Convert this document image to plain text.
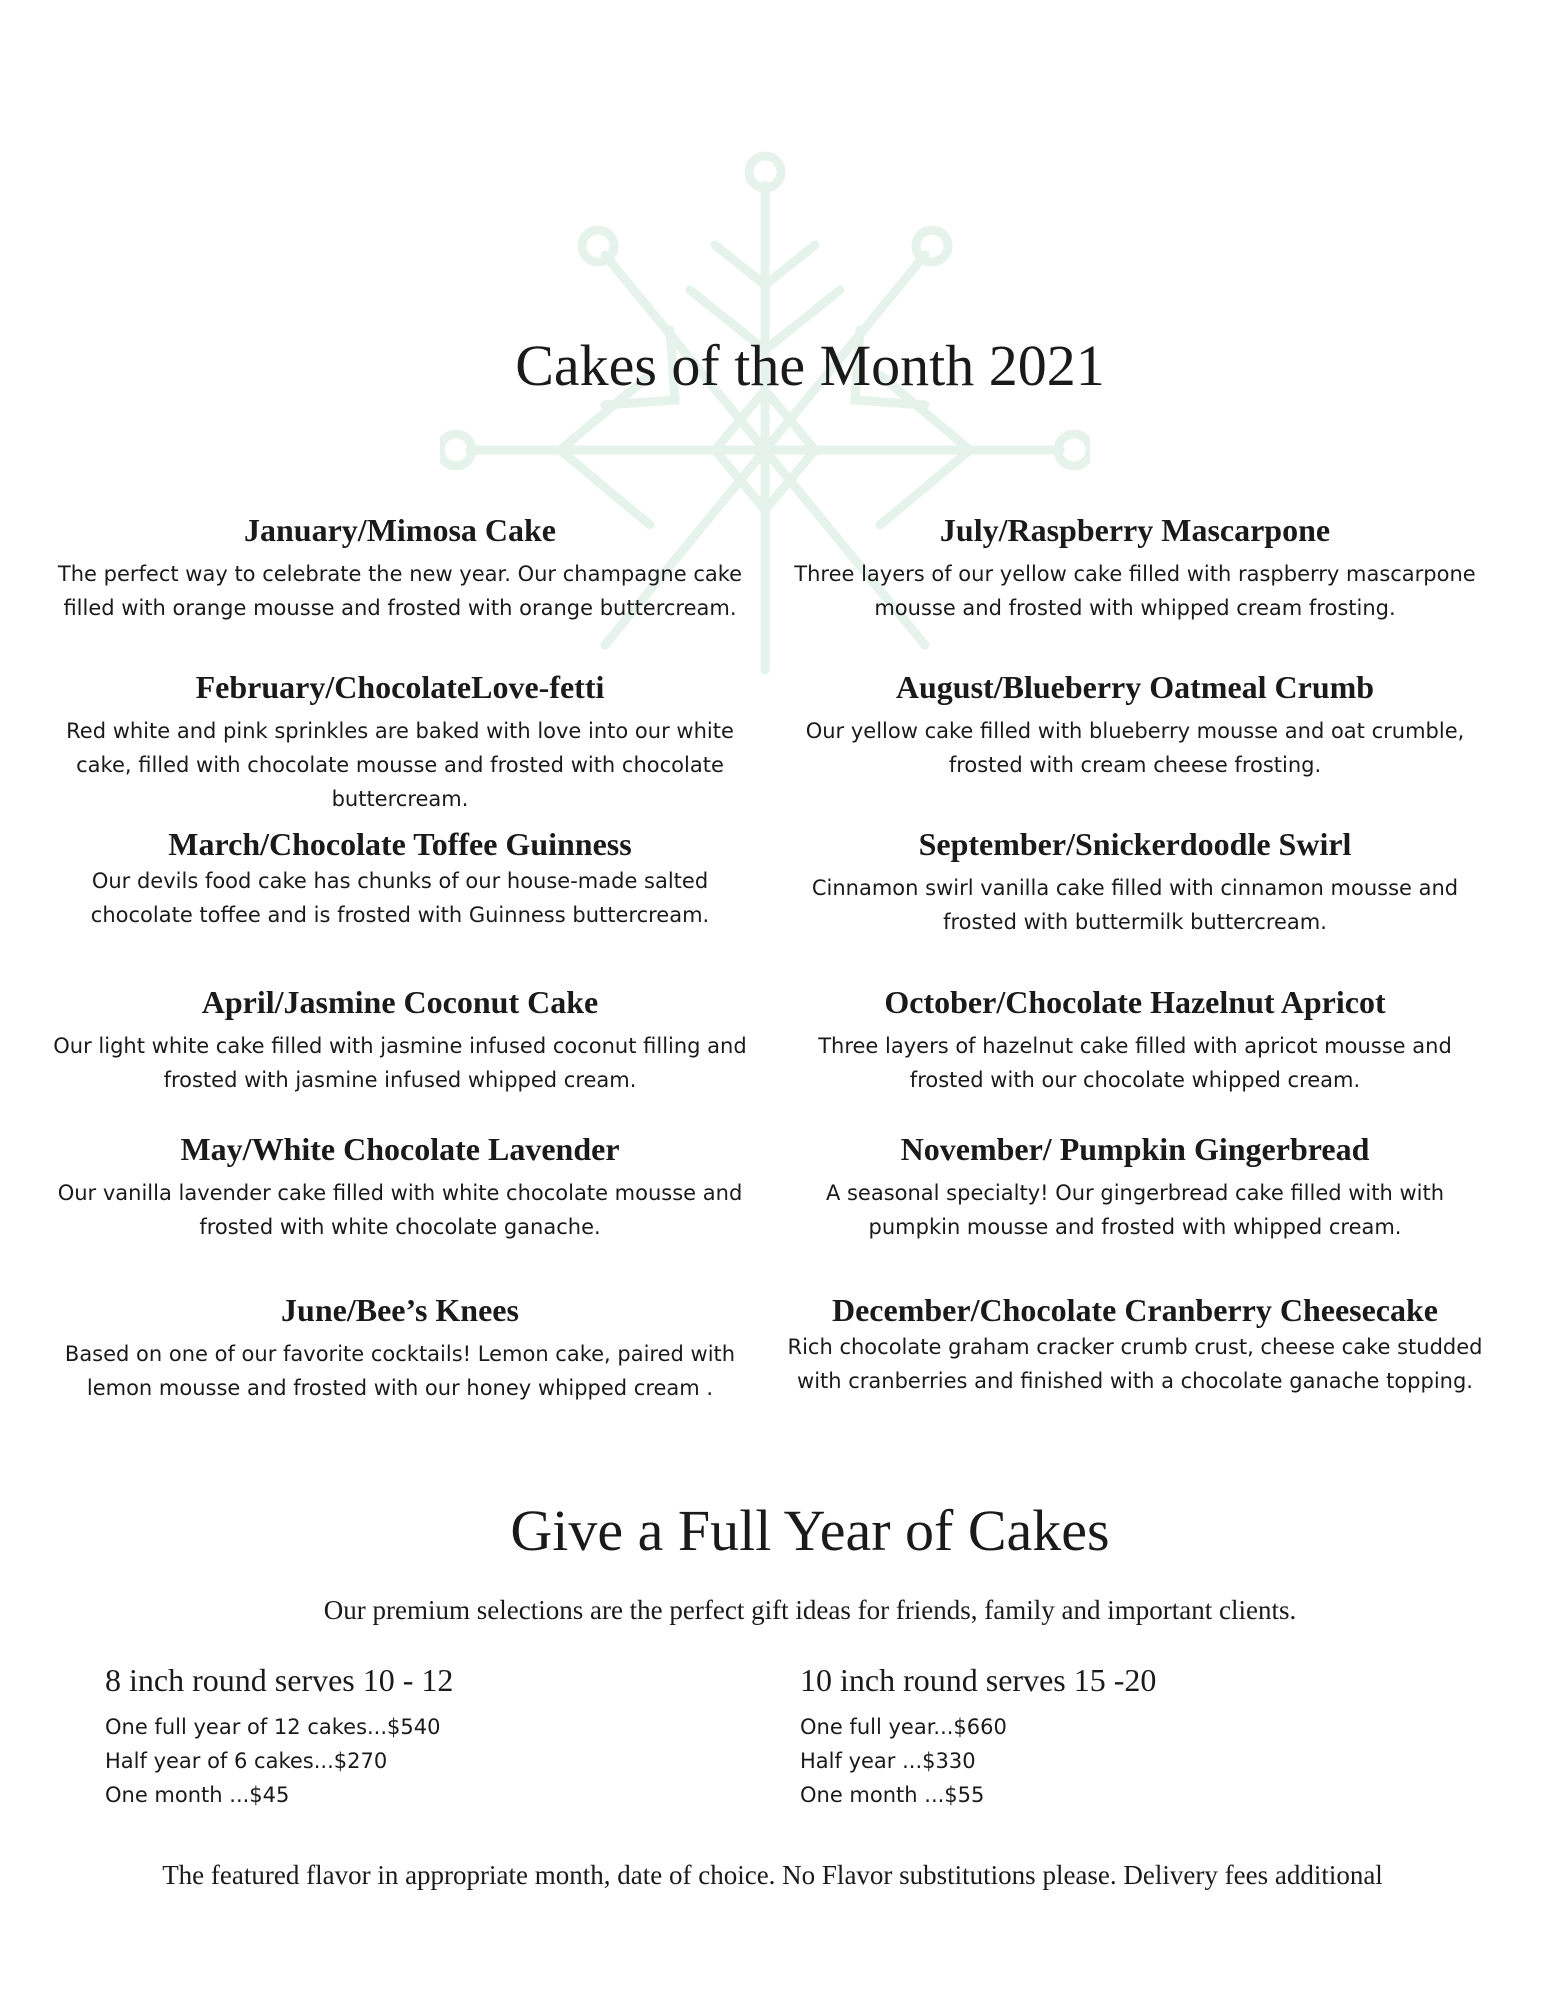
Cakes of the Month 2021
January/Mimosa Cake

The perfect way to celebrate the new year. Our champagne cake filled with orange mousse and frosted with orange buttercream.

February/ChocolateLove-fetti

Red white and pink sprinkles are baked with love into our white cake, filled with chocolate mousse and frosted with chocolate buttercream.

March/Chocolate Toffee Guinness

Our devils food cake has chunks of our house-made salted chocolate toffee and is frosted with Guinness buttercream.

April/Jasmine Coconut Cake

Our light white cake filled with jasmine infused coconut filling and frosted with jasmine infused whipped cream.

May/White Chocolate Lavender

Our vanilla lavender cake filled with white chocolate mousse and frosted with white chocolate ganache.

June/Bee’s Knees

Based on one of our favorite cocktails! Lemon cake, paired with lemon mousse and frosted with our honey whipped cream .

July/Raspberry Mascarpone

Three layers of our yellow cake filled with raspberry mascarpone mousse and frosted with whipped cream frosting.

August/Blueberry Oatmeal Crumb

Our yellow cake filled with blueberry mousse and oat crumble, frosted with cream cheese frosting.

September/Snickerdoodle Swirl

Cinnamon swirl vanilla cake filled with cinnamon mousse and frosted with buttermilk buttercream.

October/Chocolate Hazelnut Apricot

Three layers of hazelnut cake filled with apricot mousse and frosted with our chocolate whipped cream.

November/ Pumpkin Gingerbread

A seasonal specialty! Our gingerbread cake filled with with pumpkin mousse and frosted with whipped cream.

December/Chocolate Cranberry Cheesecake

Rich chocolate graham cracker crumb crust, cheese cake studded with cranberries and finished with a chocolate ganache topping.

Give a Full Year of Cakes
Our premium selections are the perfect gift ideas for friends, family and important clients.
8 inch round serves 10 - 12
One full year of 12 cakes...$540
Half year of 6 cakes...$270
One month ...$45
10 inch round serves 15 -20
One full year...$660
Half year ...$330
One month ...$55
The featured flavor in appropriate month, date of choice. No Flavor substitutions please. Delivery fees additional
